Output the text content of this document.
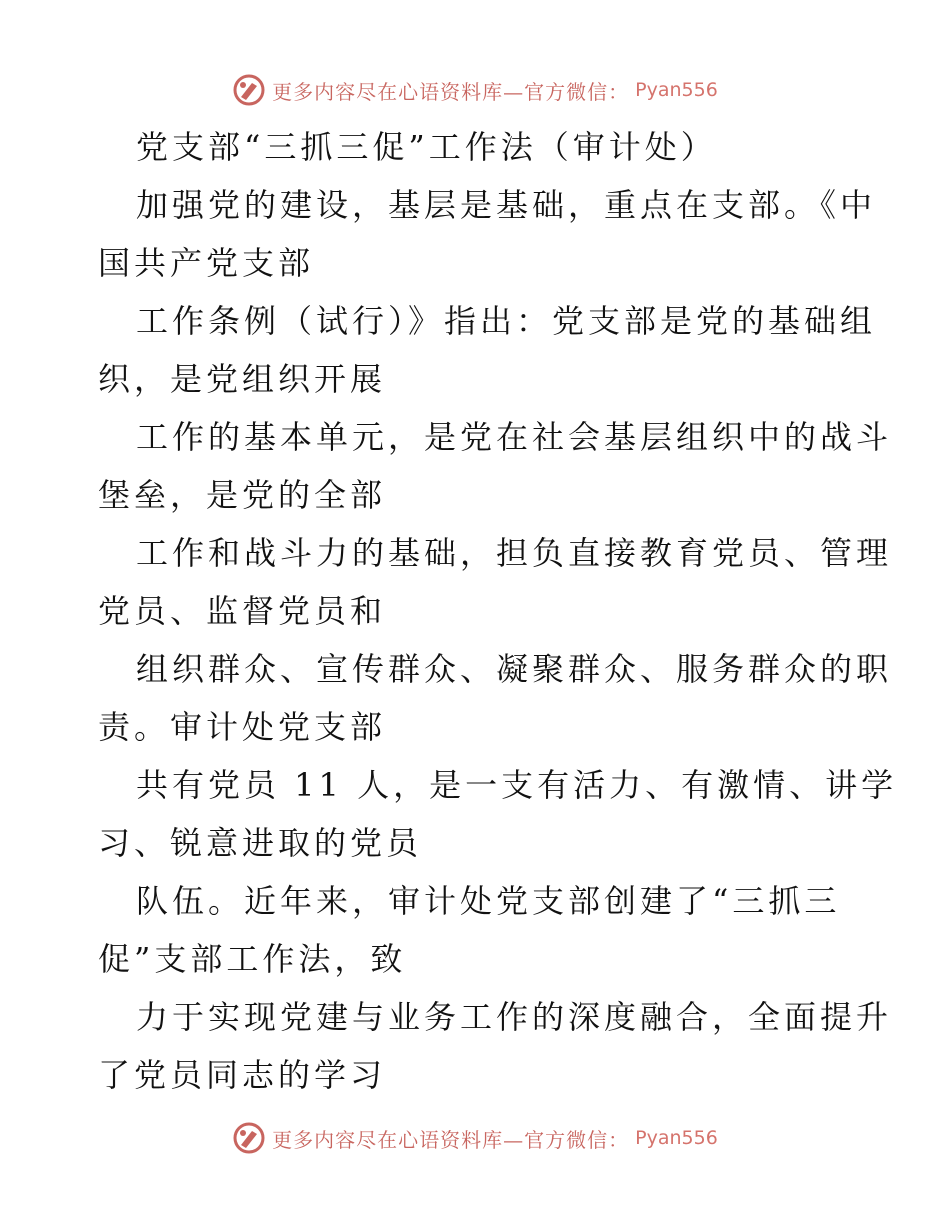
更多内容尽在心语资料库—官方微信： Pyan556
党支部“三抓三促”工作法（审计处）
加强党的建设，基层是基础，重点在支部。《中
国共产党支部
工作条例（试行）》指出：党支部是党的基础组
织，是党组织开展
工作的基本单元，是党在社会基层组织中的战斗
堡垒，是党的全部
工作和战斗力的基础，担负直接教育党员、管理
党员、监督党员和
组织群众、宣传群众、凝聚群众、服务群众的职
责。审计处党支部
共有党员 11 人，是一支有活力、有激情、讲学
习、锐意进取的党员
队伍。近年来，审计处党支部创建了“三抓三
促”支部工作法，致
力于实现党建与业务工作的深度融合，全面提升
了党员同志的学习
更多内容尽在心语资料库—官方微信： Pyan556
